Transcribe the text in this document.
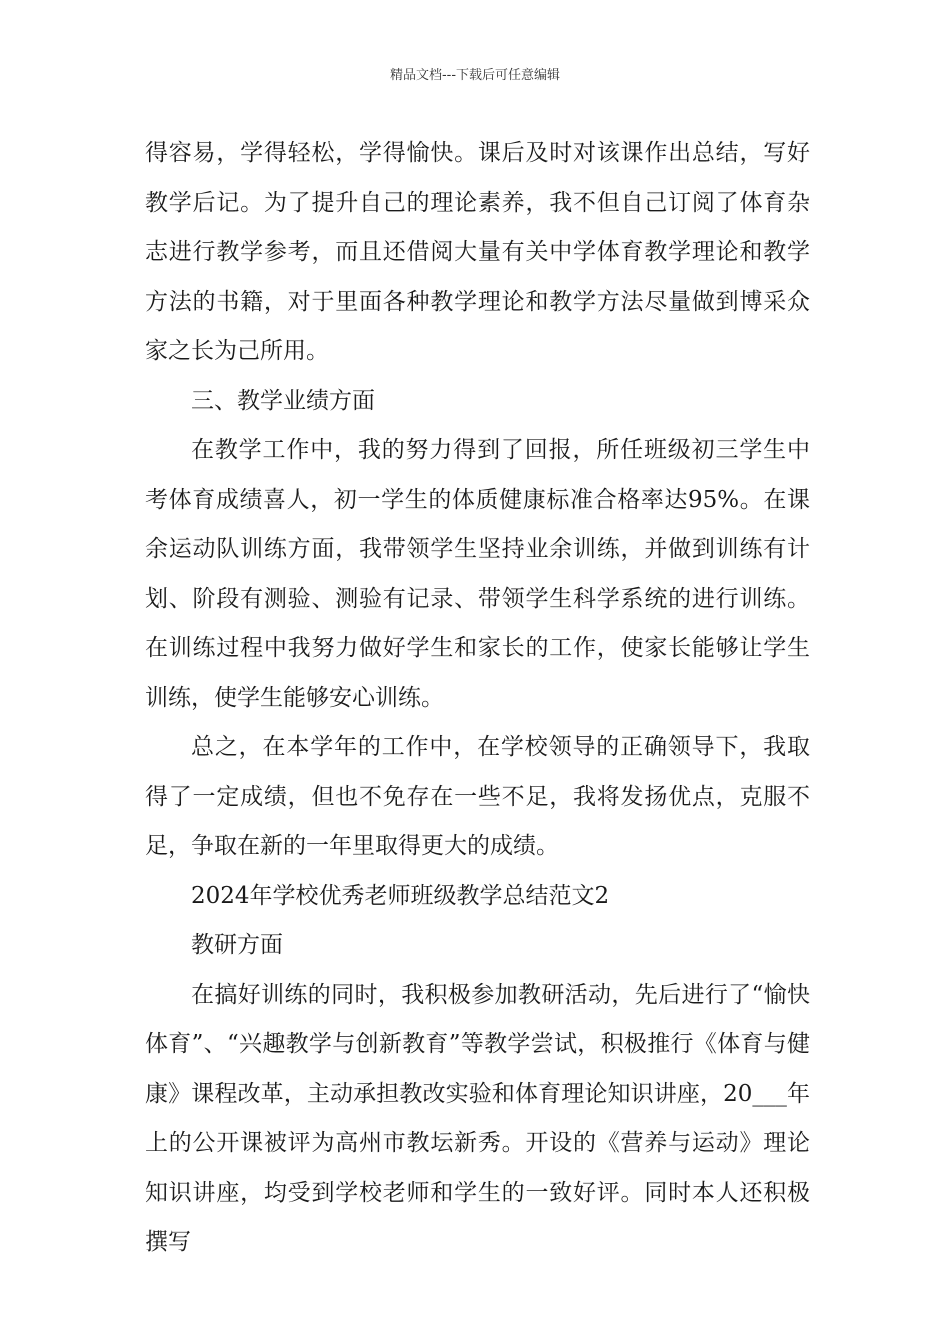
精品文档---下载后可任意编辑

得容易，学得轻松，学得愉快。课后及时对该课作出总结，写好教学后记。为了提升自己的理论素养，我不但自己订阅了体育杂志进行教学参考，而且还借阅大量有关中学体育教学理论和教学方法的书籍，对于里面各种教学理论和教学方法尽量做到博采众家之长为己所用。

三、教学业绩方面

在教学工作中，我的努力得到了回报，所任班级初三学生中考体育成绩喜人，初一学生的体质健康标准合格率达95%。在课余运动队训练方面，我带领学生坚持业余训练，并做到训练有计划、阶段有测验、测验有记录、带领学生科学系统的进行训练。在训练过程中我努力做好学生和家长的工作，使家长能够让学生训练，使学生能够安心训练。

总之，在本学年的工作中，在学校领导的正确领导下，我取得了一定成绩，但也不免存在一些不足，我将发扬优点，克服不足，争取在新的一年里取得更大的成绩。

2024年学校优秀老师班级教学总结范文2

教研方面

在搞好训练的同时，我积极参加教研活动，先后进行了“愉快体育”、“兴趣教学与创新教育”等教学尝试，积极推行《体育与健康》课程改革，主动承担教改实验和体育理论知识讲座，20___年上的公开课被评为高州市教坛新秀。开设的《营养与运动》理论知识讲座，均受到学校老师和学生的一致好评。同时本人还积极撰写
